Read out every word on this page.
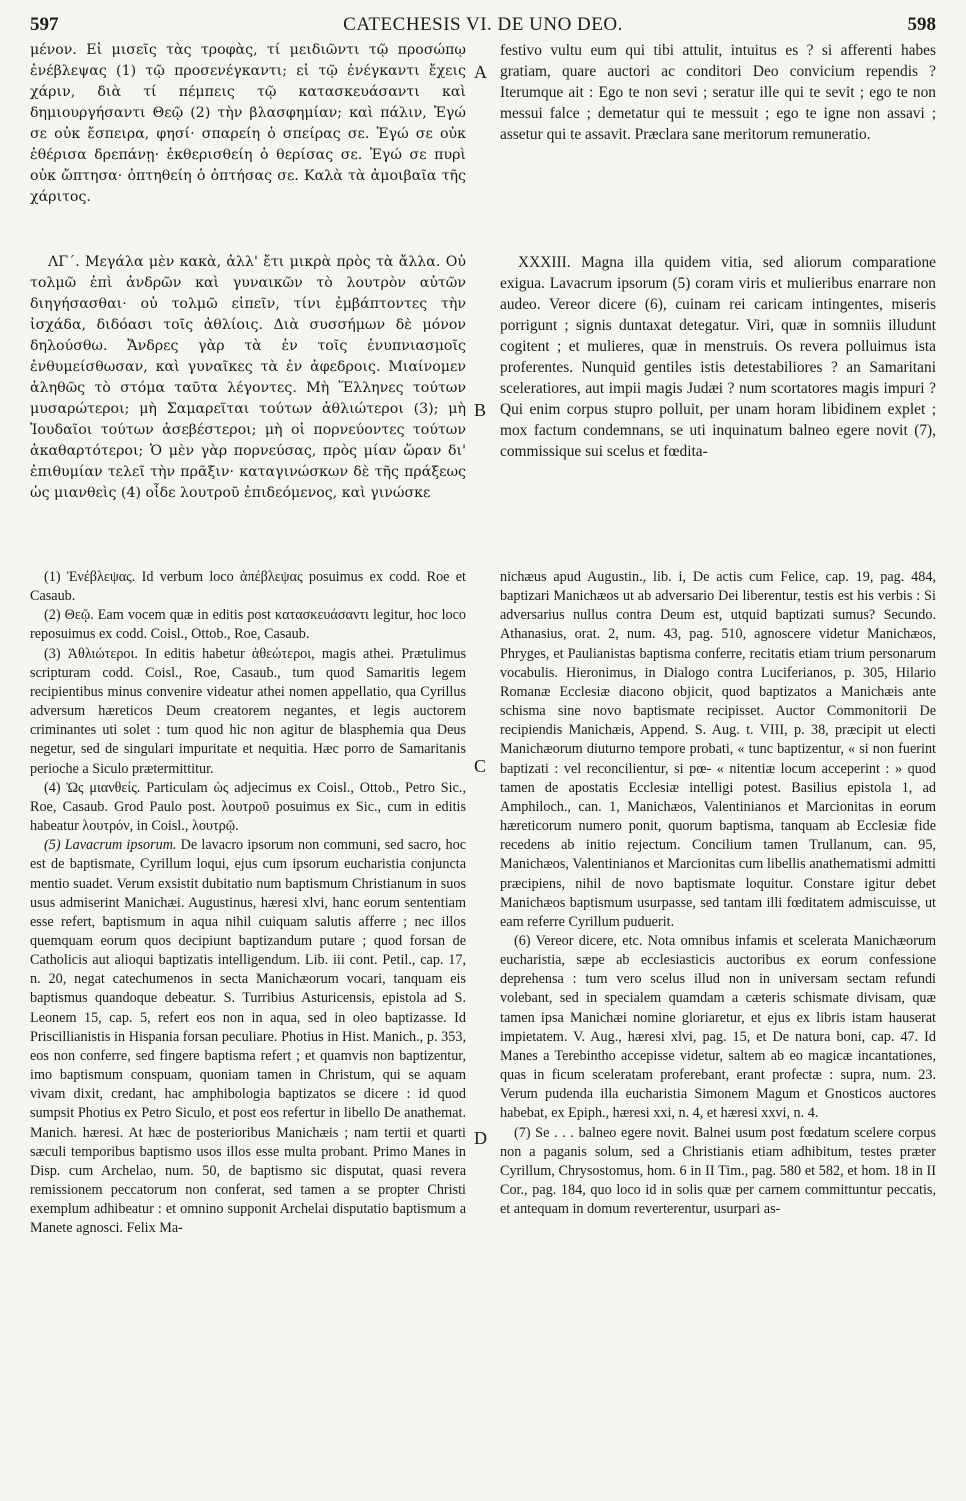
597	CATECHESIS VI. DE UNO DEO.	598
A
B
C
D

μένον. Εἰ μισεῖς τὰς τροφὰς, τί μειδιῶντι τῷ προσώπῳ ἐνέβλεψας (1) τῷ προσενέγκαντι; εἰ τῷ ἐνέγκαντι ἔχεις χάριν, διὰ τί πέμπεις τῷ κατασκευάσαντι καὶ δημιουργήσαντι Θεῷ (2) τὴν βλασφημίαν; καὶ πάλιν, Ἐγώ σε οὐκ ἔσπειρα, φησί· σπαρείη ὁ σπείρας σε. Ἐγώ σε οὐκ ἐθέρισα δρεπάνῃ· ἐκθερισθείη ὁ θερίσας σε. Ἐγώ σε πυρὶ οὐκ ὤπτησα· ὀπτηθείη ὁ ὀπτήσας σε. Καλὰ τὰ ἀμοιβαῖα τῆς χάριτος.

ΛΓ΄. Μεγάλα μὲν κακὰ, ἀλλ' ἔτι μικρὰ πρὸς τὰ ἄλλα. Οὐ τολμῶ ἐπὶ ἀνδρῶν καὶ γυναικῶν τὸ λουτρὸν αὐτῶν διηγήσασθαι· οὐ τολμῶ εἰπεῖν, τίνι ἐμβάπτοντες τὴν ἰσχάδα, διδόασι τοῖς ἀθλίοις. Διὰ συσσήμων δὲ μόνον δηλούσθω. Ἄνδρες γὰρ τὰ ἐν τοῖς ἐνυπνιασμοῖς ἐνθυμείσθωσαν, καὶ γυναῖκες τὰ ἐν ἀφεδροις. Μιαίνομεν ἀληθῶς τὸ στόμα ταῦτα λέγοντες. Μὴ Ἕλληνες τούτων μυσαρώτεροι; μὴ Σαμαρεῖται τούτων ἀθλιώτεροι (3); μὴ Ἰουδαῖοι τούτων ἀσεβέστεροι; μὴ οἱ πορνεύοντες τούτων ἀκαθαρτότεροι; Ὁ μὲν γὰρ πορνεύσας, πρὸς μίαν ὥραν δι' ἐπιθυμίαν τελεῖ τὴν πρᾶξιν· καταγινώσκων δὲ τῆς πράξεως ὡς μιανθεὶς (4) οἶδε λουτροῦ ἐπιδεόμενος, καὶ γινώσκε

festivo vultu eum qui tibi attulit, intuitus es ? si afferenti habes gratiam, quare auctori ac conditori Deo convicium rependis ? Iterumque ait : Ego te non sevi ; seratur ille qui te sevit ; ego te non messui falce ; demetatur qui te messuit ; ego te igne non assavi ; assetur qui te assavit. Præclara sane meritorum remuneratio.

XXXIII. Magna illa quidem vitia, sed aliorum comparatione exigua. Lavacrum ipsorum (5) coram viris et mulieribus enarrare non audeo. Vereor dicere (6), cuinam rei caricam intingentes, miseris porrigunt ; signis duntaxat detegatur. Viri, quæ in somniis illudunt cogitent ; et mulieres, quæ in menstruis. Os revera polluimus ista proferentes. Nunquid gentiles istis detestabiliores ? an Samaritani sceleratiores, aut impii magis Judæi ? num scortatores magis impuri ? Qui enim corpus stupro polluit, per unam horam libidinem explet ; mox factum condemnans, se uti inquinatum balneo egere novit (7), commissique sui scelus et fœdita-

(1) Ἐνέβλεψας. Id verbum loco ἀπέβλεψας posuimus ex codd. Roe et Casaub.

(2) Θεῷ. Eam vocem quæ in editis post κατασκευάσαντι legitur, hoc loco reposuimus ex codd. Coisl., Ottob., Roe, Casaub.

(3) Ἀθλιώτεροι. In editis habetur ἀθεώτεροι, magis athei. Prætulimus scripturam codd. Coisl., Roe, Casaub., tum quod Samaritis legem recipientibus minus convenire videatur athei nomen appellatio, qua Cyrillus adversum hæreticos Deum creatorem negantes, et legis auctorem criminantes uti solet : tum quod hic non agitur de blasphemia qua Deus negetur, sed de singulari impuritate et nequitia. Hæc porro de Samaritanis perioche a Siculo prætermittitur.

(4) Ὡς μιανθείς. Particulam ὡς adjecimus ex Coisl., Ottob., Petro Sic., Roe, Casaub. Grod Paulo post. λουτροῦ posuimus ex Sic., cum in editis habeatur λουτρόν, in Coisl., λουτρῷ.

(5) Lavacrum ipsorum. De lavacro ipsorum non communi, sed sacro, hoc est de baptismate, Cyrillum loqui, ejus cum ipsorum eucharistia conjuncta mentio suadet. Verum exsistit dubitatio num baptismum Christianum in suos usus admiserint Manichæi. Augustinus, hæresi xlvi, hanc eorum sententiam esse refert, baptismum in aqua nihil cuiquam salutis afferre ; nec illos quemquam eorum quos decipiunt baptizandum putare ; quod forsan de Catholicis aut alioqui baptizatis intelligendum. Lib. iii cont. Petil., cap. 17, n. 20, negat catechumenos in secta Manichæorum vocari, tanquam eis baptismus quandoque debeatur. S. Turribius Asturicensis, epistola ad S. Leonem 15, cap. 5, refert eos non in aqua, sed in oleo baptizasse. Id Priscillianistis in Hispania forsan peculiare. Photius in Hist. Manich., p. 353, eos non conferre, sed fingere baptisma refert ; et quamvis non baptizentur, imo baptismum conspuam, quoniam tamen in Christum, qui se aquam vivam dixit, credant, hac amphibologia baptizatos se dicere : id quod sumpsit Photius ex Petro Siculo, et post eos refertur in libello De anathemat. Manich. hæresi. At hæc de posterioribus Manichæis ; nam tertii et quarti sæculi temporibus baptismo usos illos esse multa probant. Primo Manes in Disp. cum Archelao, num. 50, de baptismo sic disputat, quasi revera remissionem peccatorum non conferat, sed tamen a se propter Christi exemplum adhibeatur : et omnino supponit Archelai disputatio baptismum a Manete agnosci. Felix Ma-

nichæus apud Augustin., lib. i, De actis cum Felice, cap. 19, pag. 484, baptizari Manichæos ut ab adversario Dei liberentur, testis est his verbis : Si adversarius nullus contra Deum est, utquid baptizati sumus? Secundo. Athanasius, orat. 2, num. 43, pag. 510, agnoscere videtur Manichæos, Phryges, et Paulianistas baptisma conferre, recitatis etiam trium personarum vocabulis. Hieronimus, in Dialogo contra Luciferianos, p. 305, Hilario Romanæ Ecclesiæ diacono objicit, quod baptizatos a Manichæis ante schisma sine novo baptismate recipisset. Auctor Commonitorii De recipiendis Manichæis, Append. S. Aug. t. VIII, p. 38, præcipit ut electi Manichæorum diuturno tempore probati, « tunc baptizentur, « si non fuerint baptizati : vel reconcilientur, si pœ- « nitentiæ locum acceperint : » quod tamen de apostatis Ecclesiæ intelligi potest. Basilius epistola 1, ad Amphiloch., can. 1, Manichæos, Valentinianos et Marcionitas in eorum hæreticorum numero ponit, quorum baptisma, tanquam ab Ecclesiæ fide recedens ab initio rejectum. Concilium tamen Trullanum, can. 95, Manichæos, Valentinianos et Marcionitas cum libellis anathematismi admitti præcipiens, nihil de novo baptismate loquitur. Constare igitur debet Manichæos baptismum usurpasse, sed tantam illi fœditatem admiscuisse, ut eam referre Cyrillum puduerit.

(6) Vereor dicere, etc. Nota omnibus infamis et scelerata Manichæorum eucharistia, sæpe ab ecclesiasticis auctoribus ex eorum confessione deprehensa : tum vero scelus illud non in universam sectam refundi volebant, sed in specialem quamdam a cæteris schismate divisam, quæ tamen ipsa Manichæi nomine gloriaretur, et ejus ex libris istam hauserat impietatem. V. Aug., hæresi xlvi, pag. 15, et De natura boni, cap. 47. Id Manes a Terebintho accepisse videtur, saltem ab eo magicæ incantationes, quas in ficum sceleratam proferebant, erant profectæ : supra, num. 23. Verum pudenda illa eucharistia Simonem Magum et Gnosticos auctores habebat, ex Epiph., hæresi xxi, n. 4, et hæresi xxvi, n. 4.

(7) Se . . . balneo egere novit. Balnei usum post fœdatum scelere corpus non a paganis solum, sed a Christianis etiam adhibitum, testes præter Cyrillum, Chrysostomus, hom. 6 in II Tim., pag. 580 et 582, et hom. 18 in II Cor., pag. 184, quo loco id in solis quæ per carnem committuntur peccatis, et antequam in domum reverterentur, usurpari as-
